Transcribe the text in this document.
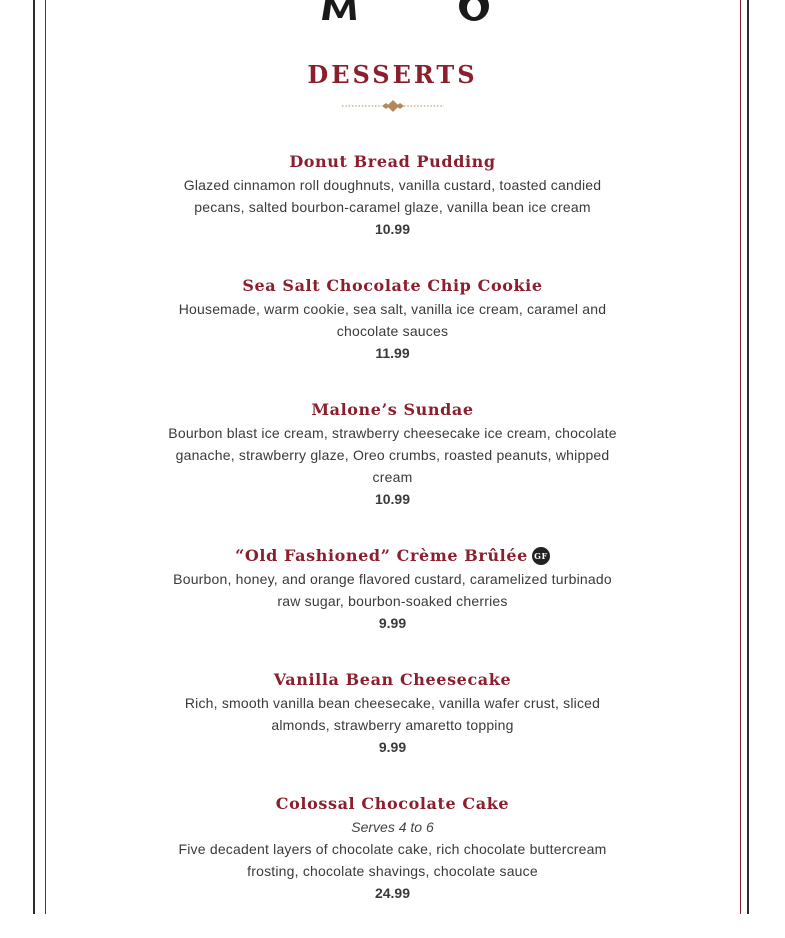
DESSERTS
Donut Bread Pudding
Glazed cinnamon roll doughnuts, vanilla custard, toasted candied pecans, salted bourbon-caramel glaze, vanilla bean ice cream
10.99
Sea Salt Chocolate Chip Cookie
Housemade, warm cookie, sea salt, vanilla ice cream, caramel and chocolate sauces
11.99
Malone’s Sundae
Bourbon blast ice cream, strawberry cheesecake ice cream, chocolate ganache, strawberry glaze, Oreo crumbs, roasted peanuts, whipped cream
10.99
“Old Fashioned” Crème Brûlée GF
Bourbon, honey, and orange flavored custard, caramelized turbinado raw sugar, bourbon-soaked cherries
9.99
Vanilla Bean Cheesecake
Rich, smooth vanilla bean cheesecake, vanilla wafer crust, sliced almonds, strawberry amaretto topping
9.99
Colossal Chocolate Cake
Serves 4 to 6
Five decadent layers of chocolate cake, rich chocolate buttercream frosting, chocolate shavings, chocolate sauce
24.99
